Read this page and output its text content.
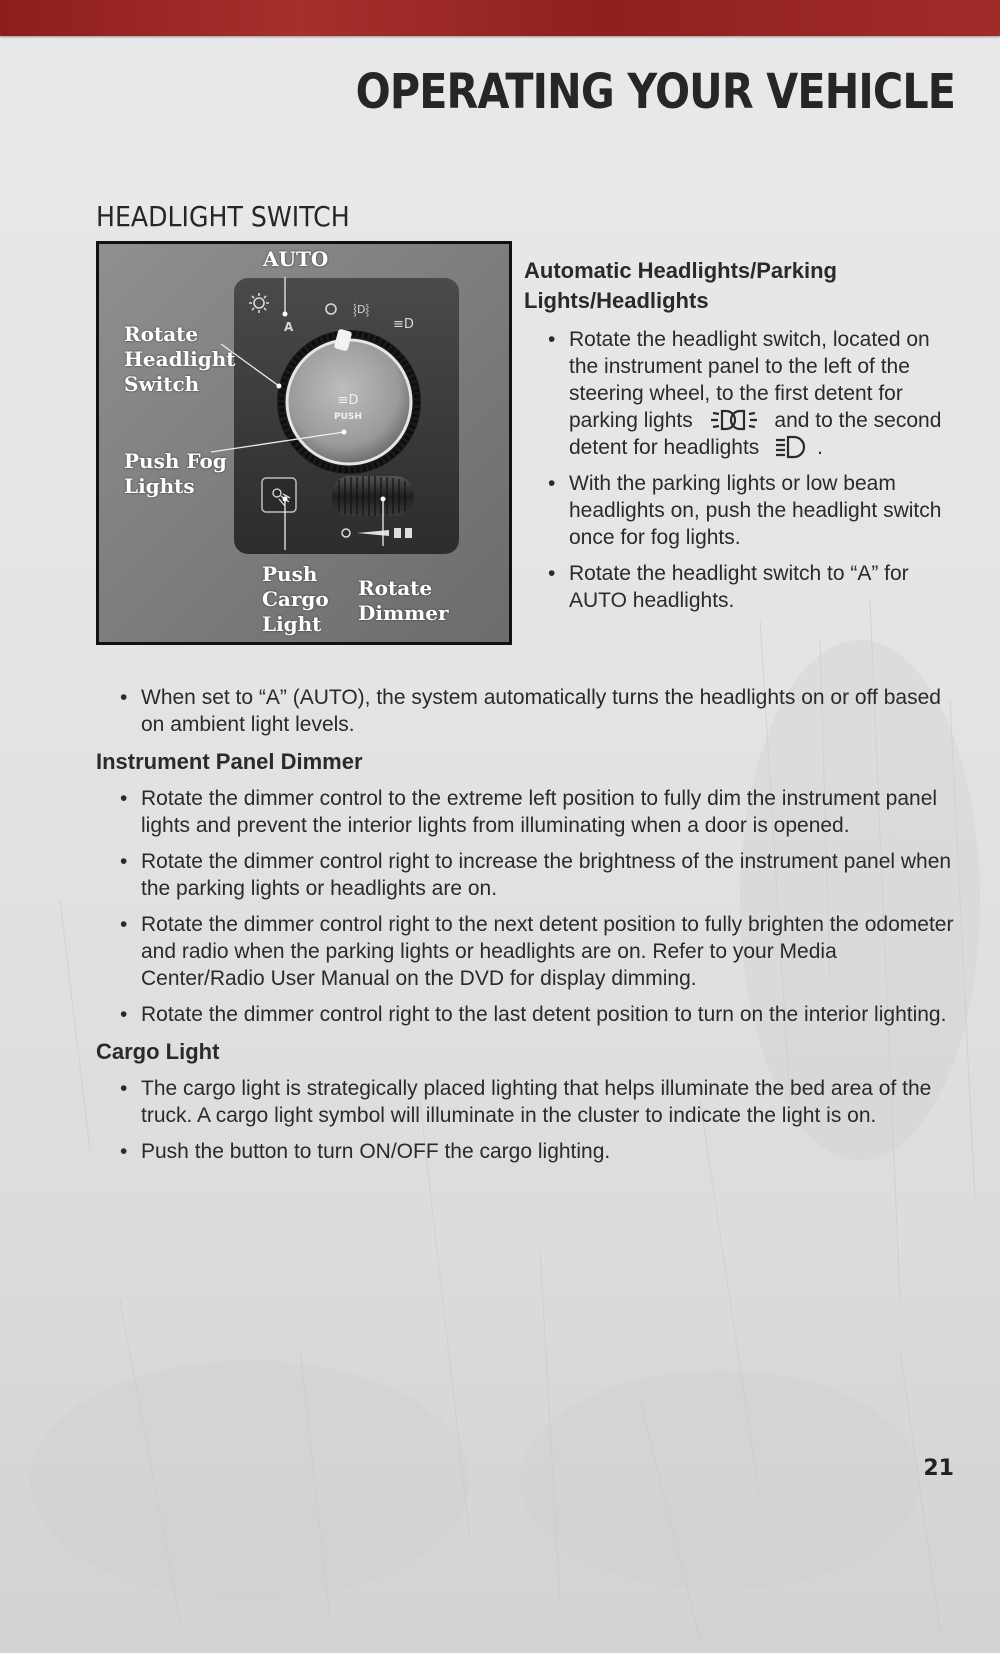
OPERATING YOUR VEHICLE
HEADLIGHT SWITCH
⸾D⸾
≡D
A
≡D
PUSH
AUTO
Rotate
Headlight
Switch
Push Fog
Lights
Push
Cargo
Light
Rotate
Dimmer
Automatic Headlights/Parking Lights/Headlights
• Rotate the headlight switch, located on the instrument panel to the left of the steering wheel, to the first detent for parking lights	and to the second detent for headlights	.
• With the parking lights or low beam headlights on, push the headlight switch once for fog lights.
• Rotate the headlight switch to “A” for AUTO headlights.
• When set to “A” (AUTO), the system automatically turns the headlights on or off based on ambient light levels.
Instrument Panel Dimmer
• Rotate the dimmer control to the extreme left position to fully dim the instrument panel lights and prevent the interior lights from illuminating when a door is opened.
• Rotate the dimmer control right to increase the brightness of the instrument panel when the parking lights or headlights are on.
• Rotate the dimmer control right to the next detent position to fully brighten the odometer and radio when the parking lights or headlights are on. Refer to your Media Center/Radio User Manual on the DVD for display dimming.
• Rotate the dimmer control right to the last detent position to turn on the interior lighting.
Cargo Light
• The cargo light is strategically placed lighting that helps illuminate the bed area of the truck. A cargo light symbol will illuminate in the cluster to indicate the light is on.
• Push the button to turn ON/OFF the cargo lighting.
21
